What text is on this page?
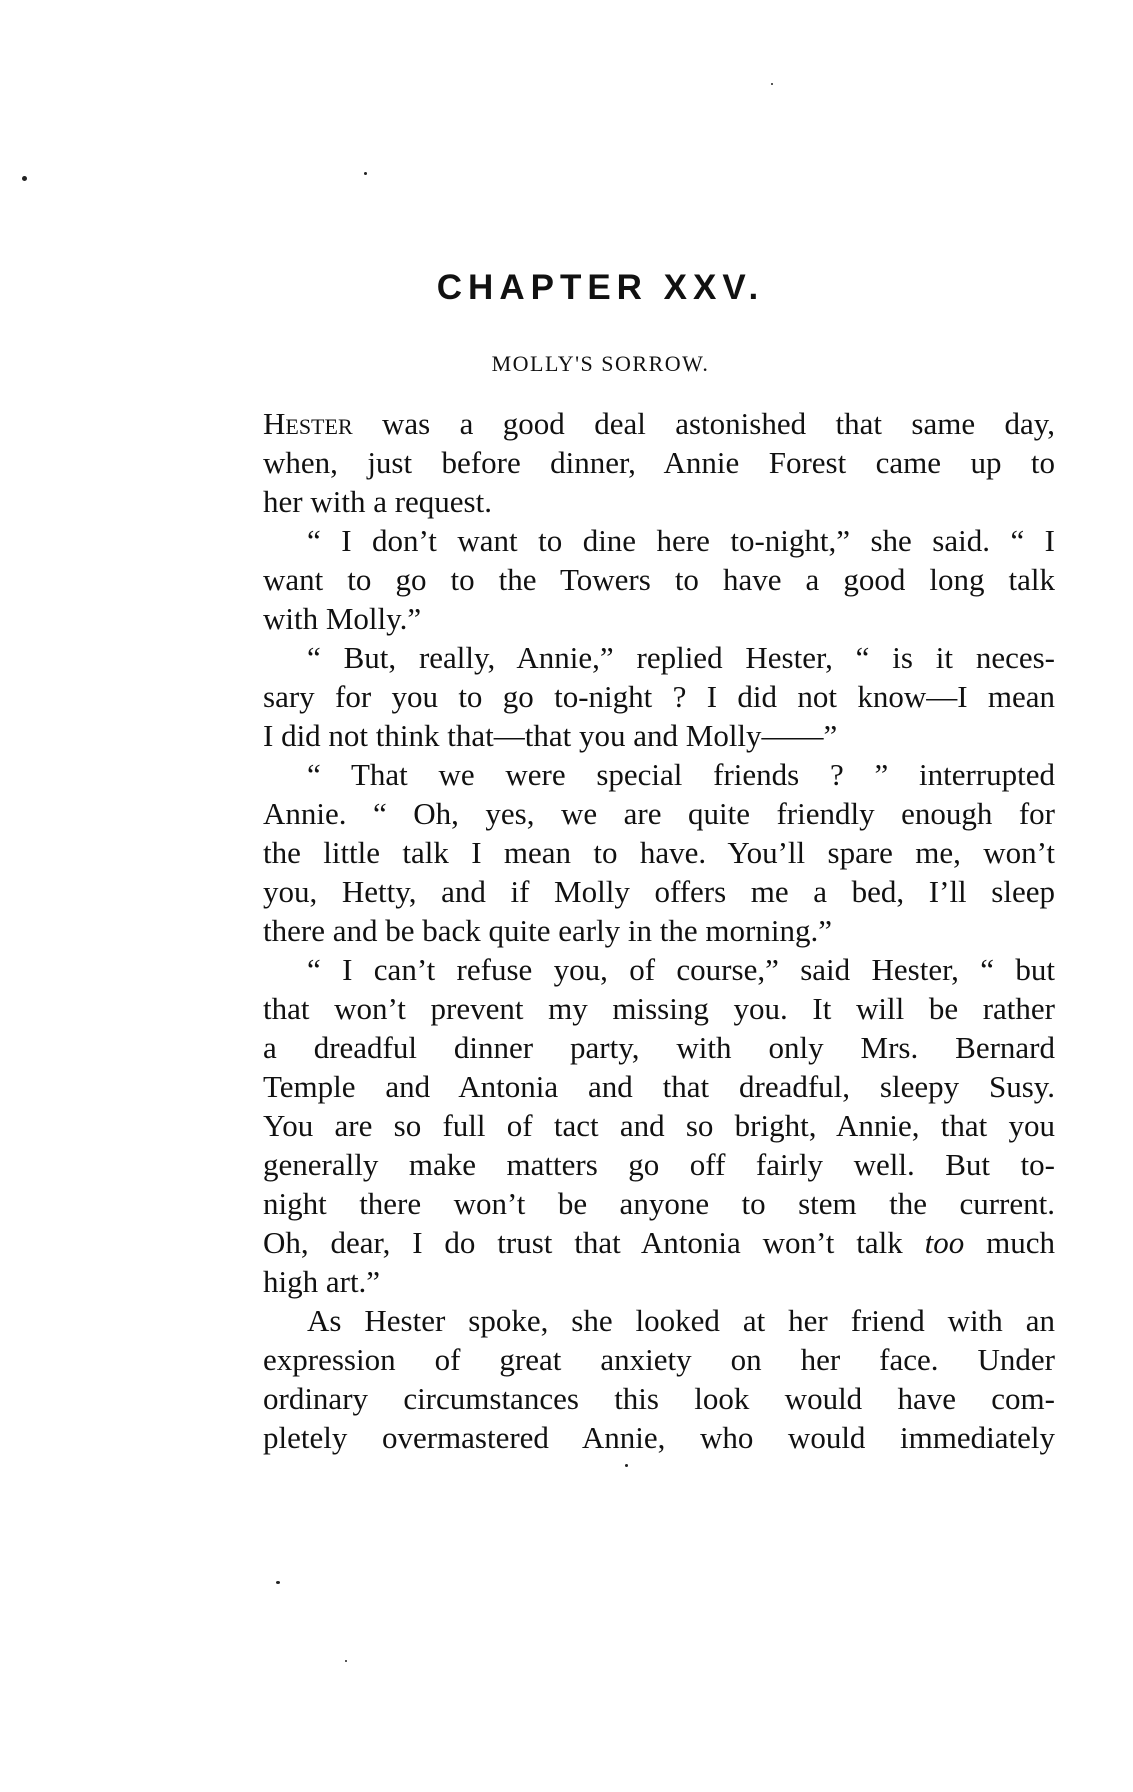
CHAPTER XXV.
MOLLY'S SORROW.
Hester was a good deal astonished that same day,
when, just before dinner, Annie Forest came up to
her with a request.
“ I don’t want to dine here to-night,” she said. “ I
want to go to the Towers to have a good long talk
with Molly.”
“ But, really, Annie,” replied Hester, “ is it neces-
sary for you to go to-night ? I did not know—I mean
I did not think that—that you and Molly——”
“ That we were special friends ? ” interrupted
Annie. “ Oh, yes, we are quite friendly enough for
the little talk I mean to have. You’ll spare me, won’t
you, Hetty, and if Molly offers me a bed, I’ll sleep
there and be back quite early in the morning.”
“ I can’t refuse you, of course,” said Hester, “ but
that won’t prevent my missing you. It will be rather
a dreadful dinner party, with only Mrs. Bernard
Temple and Antonia and that dreadful, sleepy Susy.
You are so full of tact and so bright, Annie, that you
generally make matters go off fairly well. But to-
night there won’t be anyone to stem the current.
Oh, dear, I do trust that Antonia won’t talk too much
high art.”
As Hester spoke, she looked at her friend with an
expression of great anxiety on her face. Under
ordinary circumstances this look would have com-
pletely overmastered Annie, who would immediately
